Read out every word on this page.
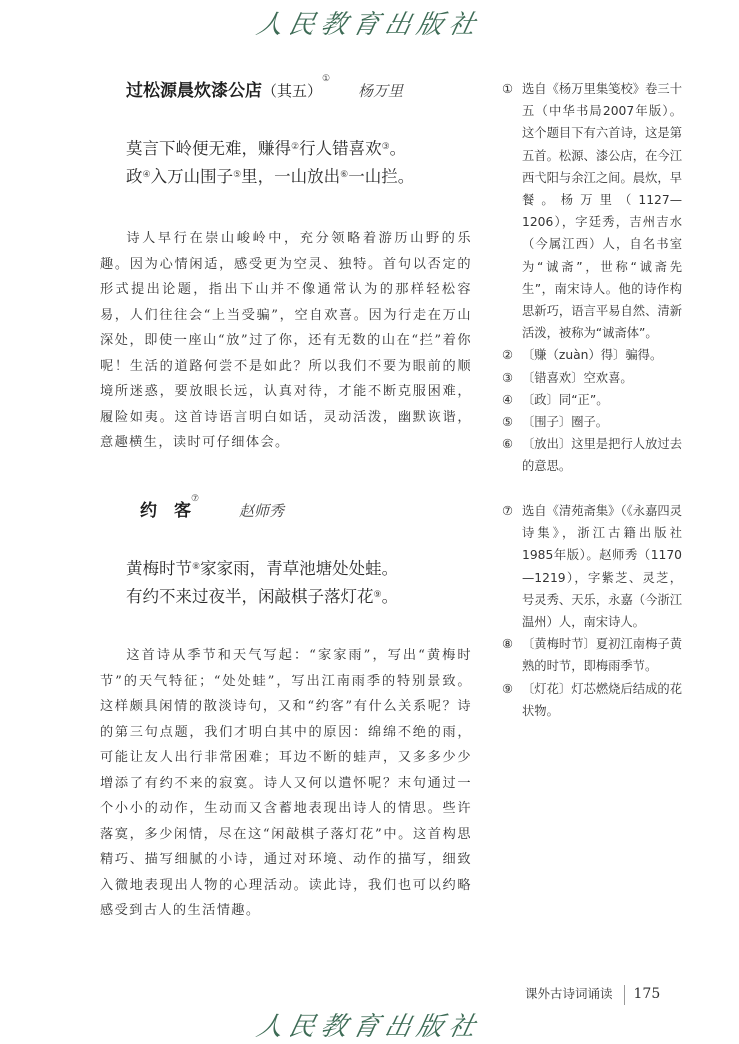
人民教育出版社
过松源晨炊漆公店（其五）① 杨万里
莫言下岭便无难，赚得②行人错喜欢③。
政④入万山围子⑤里，一山放出⑥一山拦。

诗人早行在崇山峻岭中，充分领略着游历山野的乐趣。因为心情闲适，感受更为空灵、独特。首句以否定的形式提出论题，指出下山并不像通常认为的那样轻松容易，人们往往会“上当受骗”，空自欢喜。因为行走在万山深处，即使一座山“放”过了你，还有无数的山在“拦”着你呢！生活的道路何尝不是如此？所以我们不要为眼前的顺境所迷惑，要放眼长远，认真对待，才能不断克服困难，履险如夷。这首诗语言明白如话，灵动活泼，幽默诙谐，意趣横生，读时可仔细体会。

约　客⑦ 赵师秀
黄梅时节⑧家家雨，青草池塘处处蛙。
有约不来过夜半，闲敲棋子落灯花⑨。

这首诗从季节和天气写起：“家家雨”，写出“黄梅时节”的天气特征；“处处蛙”，写出江南雨季的特别景致。这样颇具闲情的散淡诗句，又和“约客”有什么关系呢？诗的第三句点题，我们才明白其中的原因：绵绵不绝的雨，可能让友人出行非常困难；耳边不断的蛙声，又多多少少增添了有约不来的寂寞。诗人又何以遣怀呢？末句通过一个小小的动作，生动而又含蓄地表现出诗人的情思。些许落寞，多少闲情，尽在这“闲敲棋子落灯花”中。这首构思精巧、描写细腻的小诗，通过对环境、动作的描写，细致入微地表现出人物的心理活动。读此诗，我们也可以约略感受到古人的生活情趣。

① 选自《杨万里集笺校》卷三十五（中华书局2007年版）。这个题目下有六首诗，这是第五首。松源、漆公店，在今江西弋阳与余江之间。晨炊，早餐。杨万里（1127—1206），字廷秀，吉州吉水（今属江西）人，自名书室为“诚斋”，世称“诚斋先生”，南宋诗人。他的诗作构思新巧，语言平易自然、清新活泼，被称为“诚斋体”。
② 〔赚（zuàn）得〕骗得。
③ 〔错喜欢〕空欢喜。
④ 〔政〕同“正”。
⑤ 〔围子〕圈子。
⑥ 〔放出〕这里是把行人放过去的意思。
⑦ 选自《清苑斋集》（《永嘉四灵诗集》，浙江古籍出版社1985年版）。赵师秀（1170—1219），字紫芝、灵芝，号灵秀、天乐，永嘉（今浙江温州）人，南宋诗人。
⑧ 〔黄梅时节〕夏初江南梅子黄熟的时节，即梅雨季节。
⑨ 〔灯花〕灯芯燃烧后结成的花状物。
课外古诗词诵读 175
人民教育出版社
